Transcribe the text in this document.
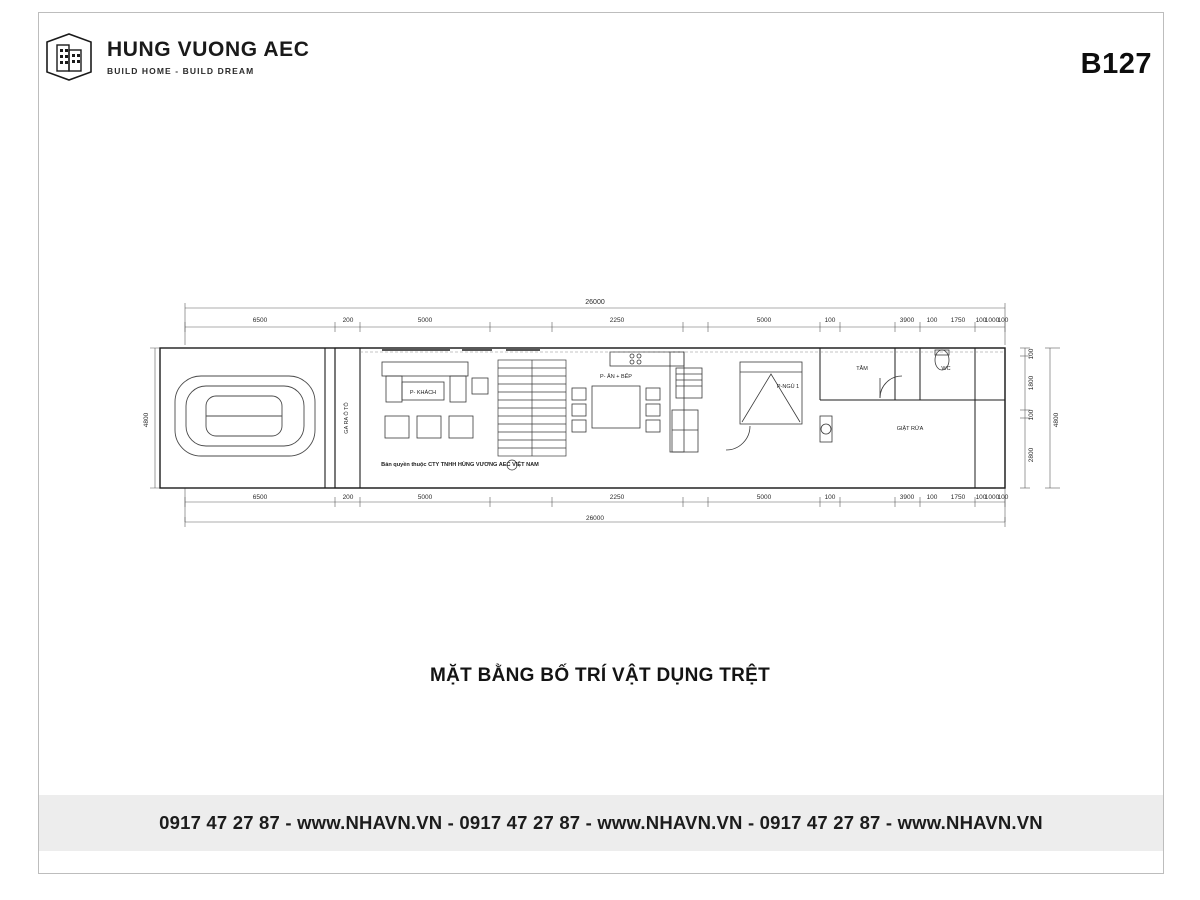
HUNG VUONG AEC
BUILD HOME - BUILD DREAM	B127
26000
6500	200	5000	2250	5000	100	3900 100 1750 100
1000
100
4800
100
1800
100
2800
4800
6500	200	5000	2250	5000	100	3900 100 1750 100
1000
100
26000
GA RA Ô TÔ
P- KHÁCH
P- ĂN + BẾP
P-NGỦ 1
TẮM	WC
GIẶT RỬA
Bản quyền thuộc CTY TNHH HÙNG VƯƠNG AEC VIỆT NAM
MẶT BẰNG BỐ TRÍ VẬT DỤNG TRỆT
0917 47 27 87 - www.NHAVN.VN - 0917 47 27 87 - www.NHAVN.VN - 0917 47 27 87 - www.NHAVN.VN
